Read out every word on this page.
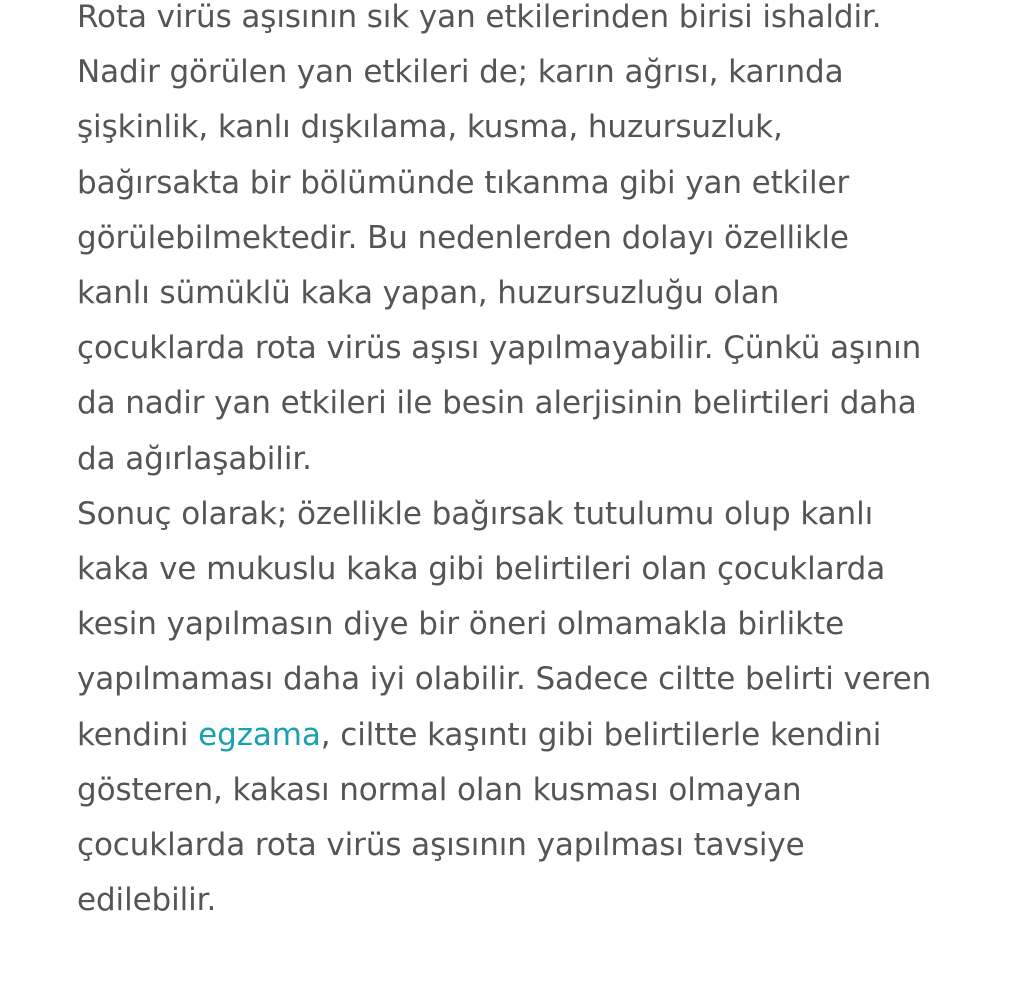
Rota virüs aşısının sık yan etkilerinden birisi ishaldir.
Nadir görülen yan etkileri de; karın ağrısı, karında
şişkinlik, kanlı dışkılama, kusma, huzursuzluk,
bağırsakta bir bölümünde tıkanma gibi yan etkiler
görülebilmektedir. Bu nedenlerden dolayı özellikle
kanlı sümüklü kaka yapan, huzursuzluğu olan
çocuklarda rota virüs aşısı yapılmayabilir. Çünkü aşının
da nadir yan etkileri ile besin alerjisinin belirtileri daha
da ağırlaşabilir.

Sonuç olarak; özellikle bağırsak tutulumu olup kanlı
kaka ve mukuslu kaka gibi belirtileri olan çocuklarda
kesin yapılmasın diye bir öneri olmamakla birlikte
yapılmaması daha iyi olabilir. Sadece ciltte belirti veren
kendini egzama, ciltte kaşıntı gibi belirtilerle kendini
gösteren, kakası normal olan kusması olmayan
çocuklarda rota virüs aşısının yapılması tavsiye
edilebilir.
